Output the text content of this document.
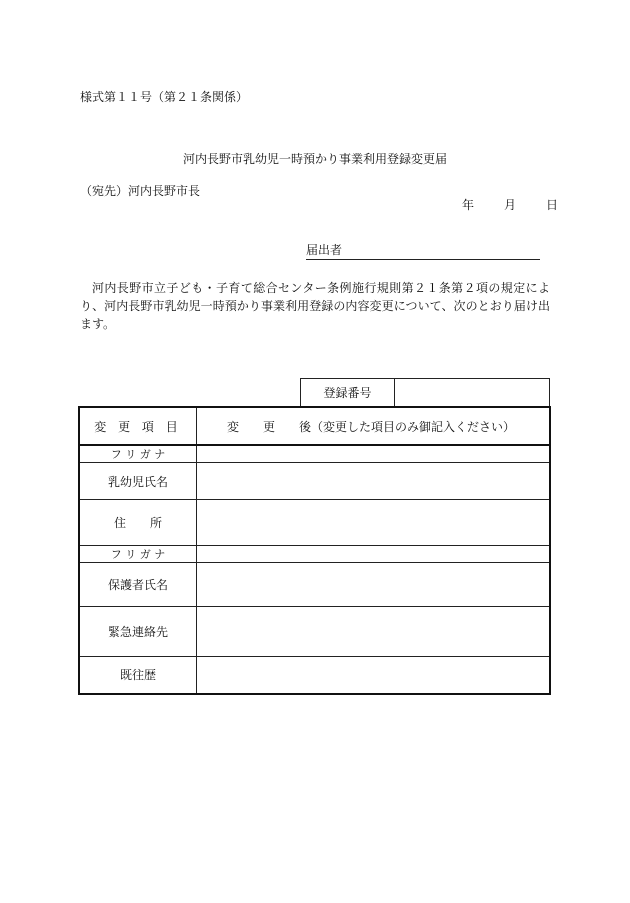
様式第１１号（第２１条関係）
河内長野市乳幼児一時預かり事業利用登録変更届
（宛先）河内長野市長
年	月	日
届出者
河内長野市立子ども・子育て総合センター条例施行規則第２１条第２項の規定により、河内長野市乳幼児一時預かり事業利用登録の内容変更について、次のとおり届け出ます。
登録番号
変 更 項 目	変　　更　　後（変更した項目のみ御記入ください）
フ リ ガ ナ	
乳幼児氏名	
住　　所	
フ リ ガ ナ	
保護者氏名	
緊急連絡先	
既往歴	
